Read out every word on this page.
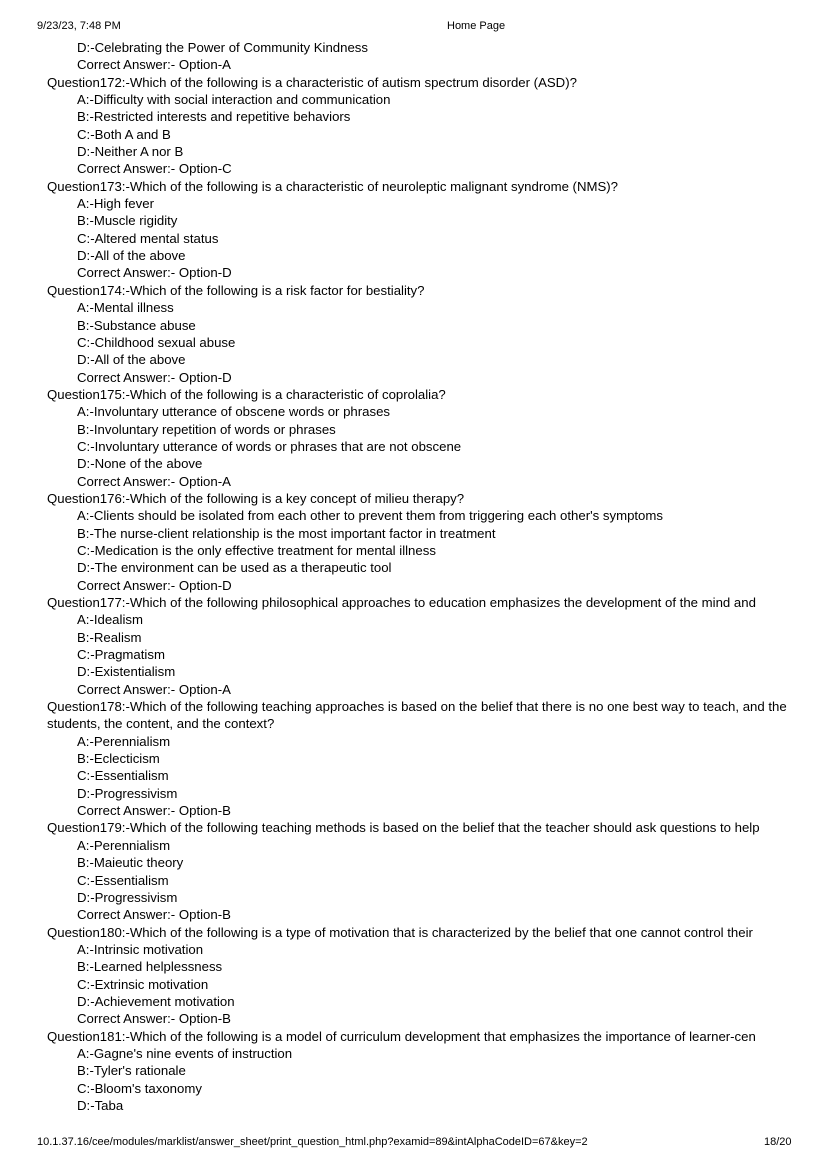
9/23/23, 7:48 PM	Home Page
D:-Celebrating the Power of Community Kindness
Correct Answer:- Option-A
Question172:-Which of the following is a characteristic of autism spectrum disorder (ASD)?
A:-Difficulty with social interaction and communication
B:-Restricted interests and repetitive behaviors
C:-Both A and B
D:-Neither A nor B
Correct Answer:- Option-C
Question173:-Which of the following is a characteristic of neuroleptic malignant syndrome (NMS)?
A:-High fever
B:-Muscle rigidity
C:-Altered mental status
D:-All of the above
Correct Answer:- Option-D
Question174:-Which of the following is a risk factor for bestiality?
A:-Mental illness
B:-Substance abuse
C:-Childhood sexual abuse
D:-All of the above
Correct Answer:- Option-D
Question175:-Which of the following is a characteristic of coprolalia?
A:-Involuntary utterance of obscene words or phrases
B:-Involuntary repetition of words or phrases
C:-Involuntary utterance of words or phrases that are not obscene
D:-None of the above
Correct Answer:- Option-A
Question176:-Which of the following is a key concept of milieu therapy?
A:-Clients should be isolated from each other to prevent them from triggering each other's symptoms
B:-The nurse-client relationship is the most important factor in treatment
C:-Medication is the only effective treatment for mental illness
D:-The environment can be used as a therapeutic tool
Correct Answer:- Option-D
Question177:-Which of the following philosophical approaches to education emphasizes the development of the mind and
A:-Idealism
B:-Realism
C:-Pragmatism
D:-Existentialism
Correct Answer:- Option-A
Question178:-Which of the following teaching approaches is based on the belief that there is no one best way to teach, and the students, the content, and the context?
A:-Perennialism
B:-Eclecticism
C:-Essentialism
D:-Progressivism
Correct Answer:- Option-B
Question179:-Which of the following teaching methods is based on the belief that the teacher should ask questions to help
A:-Perennialism
B:-Maieutic theory
C:-Essentialism
D:-Progressivism
Correct Answer:- Option-B
Question180:-Which of the following is a type of motivation that is characterized by the belief that one cannot control their
A:-Intrinsic motivation
B:-Learned helplessness
C:-Extrinsic motivation
D:-Achievement motivation
Correct Answer:- Option-B
Question181:-Which of the following is a model of curriculum development that emphasizes the importance of learner-cen
A:-Gagne's nine events of instruction
B:-Tyler's rationale
C:-Bloom's taxonomy
D:-Taba
10.1.37.16/cee/modules/marklist/answer_sheet/print_question_html.php?examid=89&intAlphaCodeID=67&key=2	18/20
